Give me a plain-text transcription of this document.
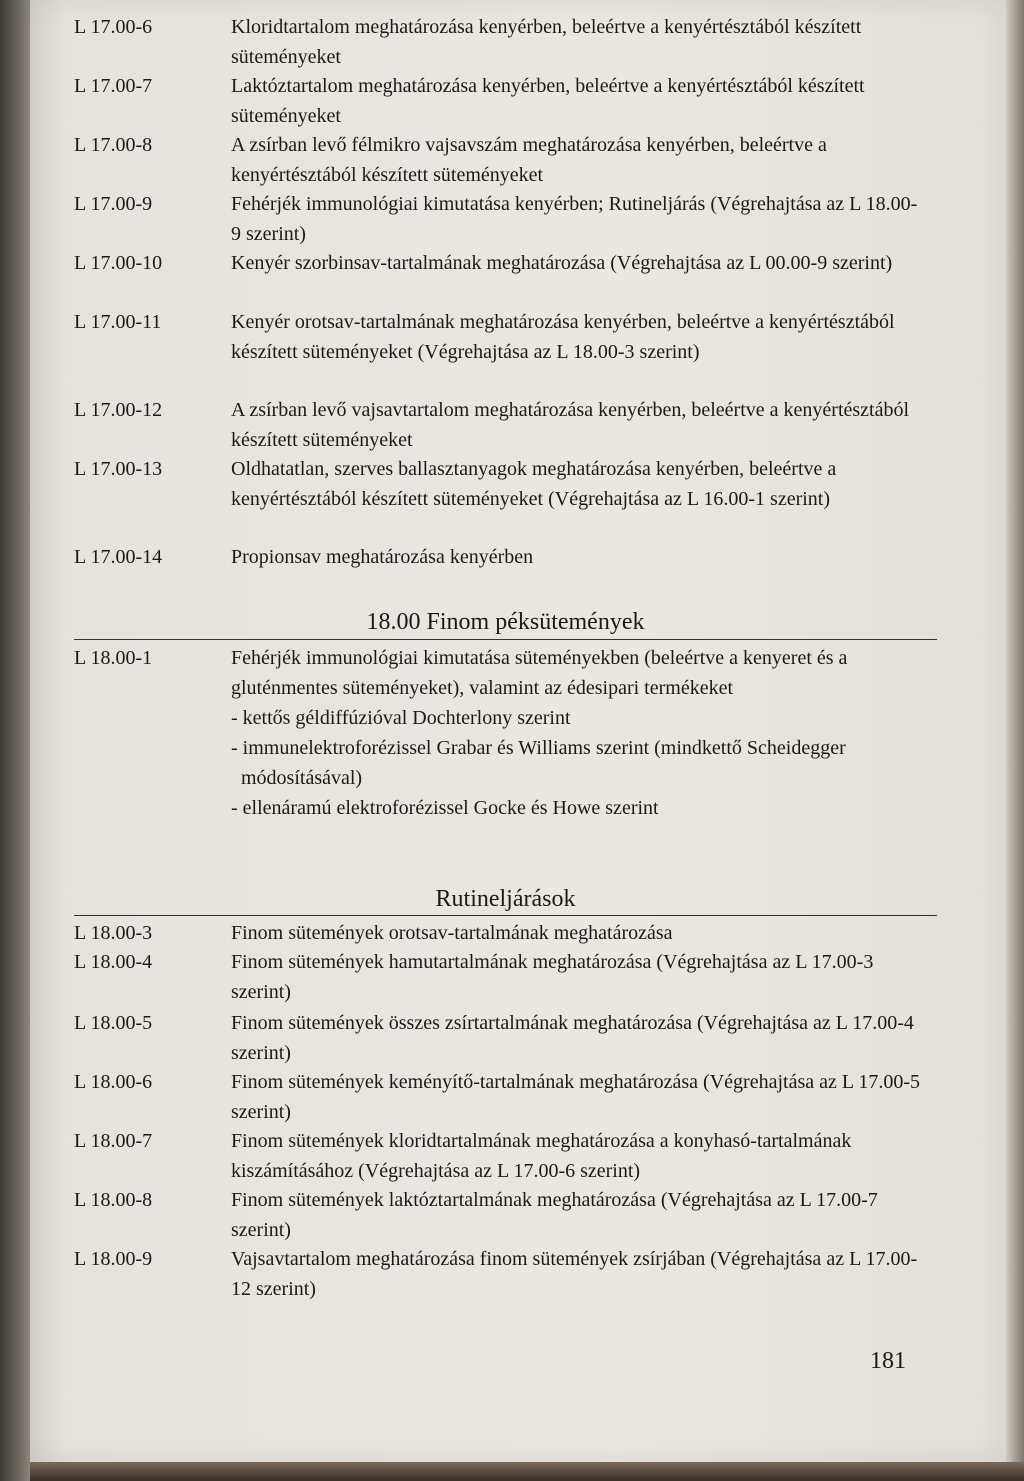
L 17.00-6	Kloridtartalom meghatározása kenyérben, beleértve a kenyértésztából készített süteményeket
L 17.00-7	Laktóztartalom meghatározása kenyérben, beleértve a kenyértésztából készített süteményeket
L 17.00-8	A zsírban levő félmikro vajsavszám meghatározása kenyérben, beleértve a kenyértésztából készített süteményeket
L 17.00-9	Fehérjék immunológiai kimutatása kenyérben; Rutineljárás (Végrehajtása az L 18.00-9 szerint)
L 17.00-10	Kenyér szorbinsav-tartalmának meghatározása (Végrehajtása az L 00.00-9 szerint)
L 17.00-11	Kenyér orotsav-tartalmának meghatározása kenyérben, beleértve a kenyértésztából készített süteményeket (Végrehajtása az L 18.00-3 szerint)
L 17.00-12	A zsírban levő vajsavtartalom meghatározása kenyérben, beleértve a kenyértésztából készített süteményeket
L 17.00-13	Oldhatatlan, szerves ballasztanyagok meghatározása kenyérben, beleértve a kenyértésztából készített süteményeket (Végrehajtása az L 16.00-1 szerint)
L 17.00-14	Propionsav meghatározása kenyérben
18.00 Finom péksütemények
L 18.00-1	Fehérjék immunológiai kimutatása süteményekben (beleértve a kenyeret és a gluténmentes süteményeket), valamint az édesipari termékeket
- kettős géldiffúzióval Dochterlony szerint
- immunelektroforézissel Grabar és Williams szerint (mindkettő Scheidegger módosításával)
- ellenáramú elektroforézissel Gocke és Howe szerint
Rutineljárások
L 18.00-3	Finom sütemények orotsav-tartalmának meghatározása
L 18.00-4	Finom sütemények hamutartalmának meghatározása (Végrehajtása az L 17.00-3 szerint)
L 18.00-5	Finom sütemények összes zsírtartalmának meghatározása (Végrehajtása az L 17.00-4 szerint)
L 18.00-6	Finom sütemények keményítő-tartalmának meghatározása (Végrehajtása az L 17.00-5 szerint)
L 18.00-7	Finom sütemények kloridtartalmának meghatározása a konyhasó-tartalmának kiszámításához (Végrehajtása az L 17.00-6 szerint)
L 18.00-8	Finom sütemények laktóztartalmának meghatározása (Végrehajtása az L 17.00-7 szerint)
L 18.00-9	Vajsavtartalom meghatározása finom sütemények zsírjában (Végrehajtása az L 17.00-12 szerint)
181
